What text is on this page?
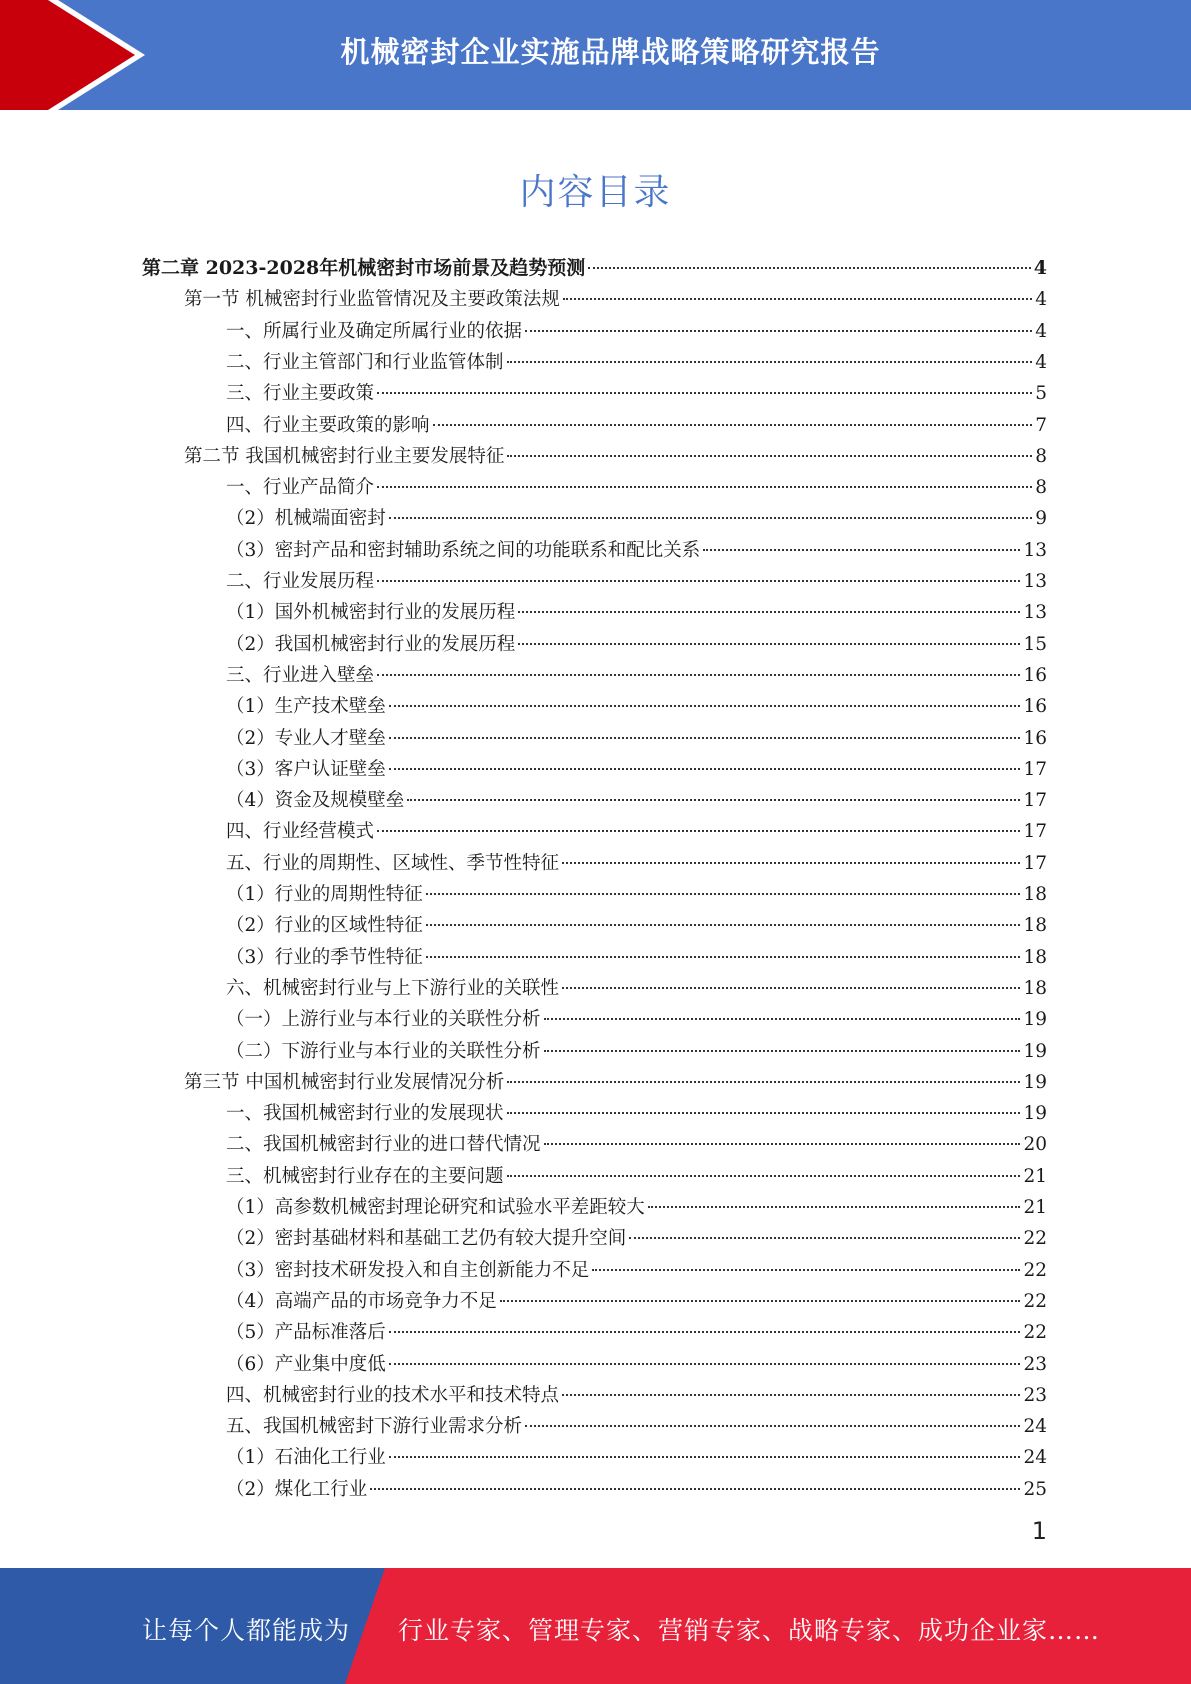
机械密封企业实施品牌战略策略研究报告
内容目录
第二章 2023-2028年机械密封市场前景及趋势预测	4
第一节 机械密封行业监管情况及主要政策法规	4
一、所属行业及确定所属行业的依据	4
二、行业主管部门和行业监管体制	4
三、行业主要政策	5
四、行业主要政策的影响	7
第二节 我国机械密封行业主要发展特征	8
一、行业产品简介	8
（2）机械端面密封	9
（3）密封产品和密封辅助系统之间的功能联系和配比关系	13
二、行业发展历程	13
（1）国外机械密封行业的发展历程	13
（2）我国机械密封行业的发展历程	15
三、行业进入壁垒	16
（1）生产技术壁垒	16
（2）专业人才壁垒	16
（3）客户认证壁垒	17
（4）资金及规模壁垒	17
四、行业经营模式	17
五、行业的周期性、区域性、季节性特征	17
（1）行业的周期性特征	18
（2）行业的区域性特征	18
（3）行业的季节性特征	18
六、机械密封行业与上下游行业的关联性	18
（一）上游行业与本行业的关联性分析	19
（二）下游行业与本行业的关联性分析	19
第三节 中国机械密封行业发展情况分析	19
一、我国机械密封行业的发展现状	19
二、我国机械密封行业的进口替代情况	20
三、机械密封行业存在的主要问题	21
（1）高参数机械密封理论研究和试验水平差距较大	21
（2）密封基础材料和基础工艺仍有较大提升空间	22
（3）密封技术研发投入和自主创新能力不足	22
（4）高端产品的市场竞争力不足	22
（5）产品标准落后	22
（6）产业集中度低	23
四、机械密封行业的技术水平和技术特点	23
五、我国机械密封下游行业需求分析	24
（1）石油化工行业	24
（2）煤化工行业	25
1
让每个人都能成为 行业专家、管理专家、营销专家、战略专家、成功企业家……
